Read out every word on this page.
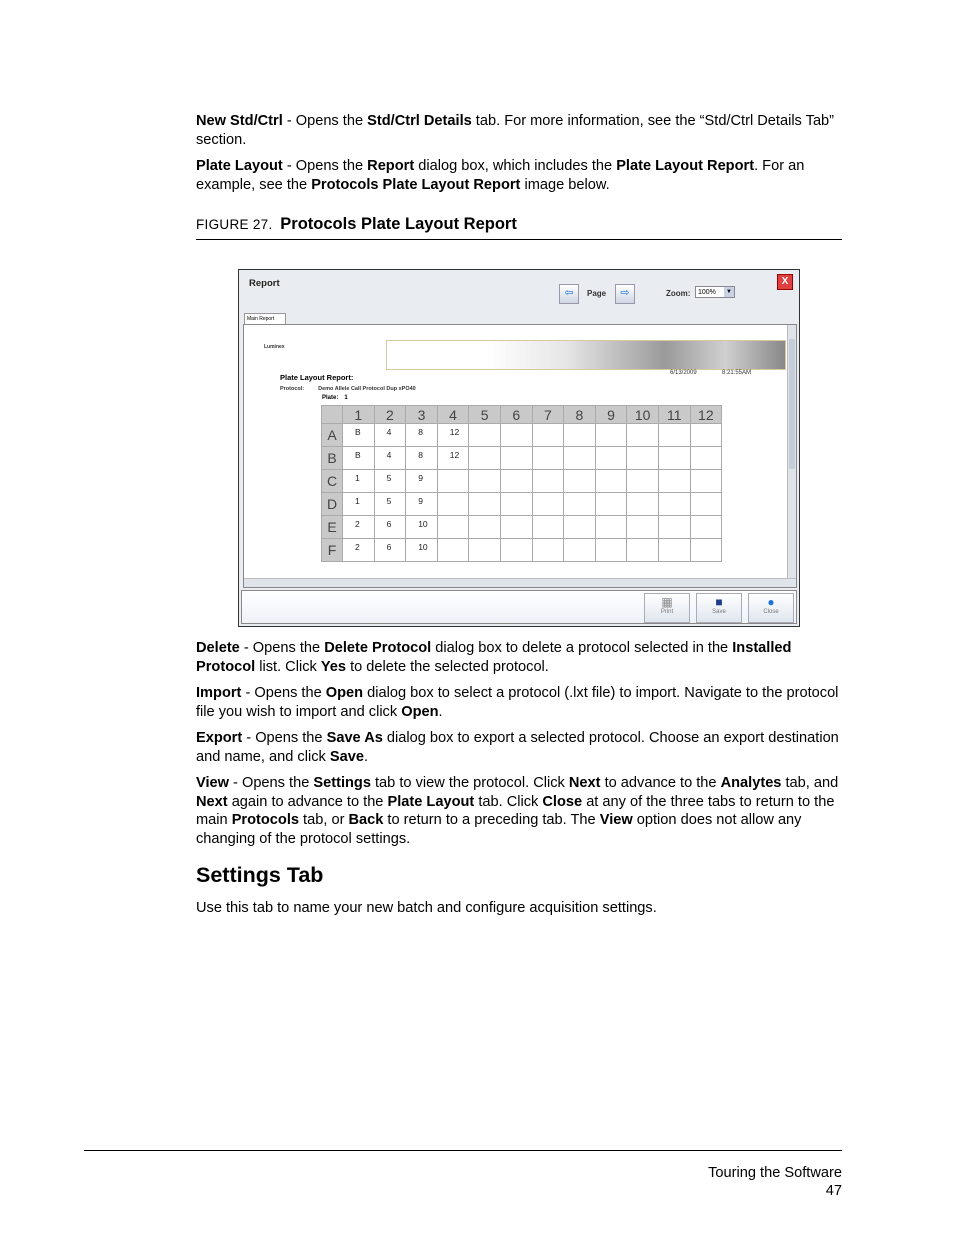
New Std/Ctrl - Opens the Std/Ctrl Details tab. For more information, see the “Std/Ctrl Details Tab” section.

Plate Layout - Opens the Report dialog box, which includes the Plate Layout Report. For an example, see the Protocols Plate Layout Report image below.

FIGURE 27. Protocols Plate Layout Report
Report	X
⇦	Page	⇨	Zoom:	100%	▼
Main Report
Luminex
Plate Layout Report:	6/13/2009	8:21:55AM
Protocol:	Demo Allele Call Protocol Dup xPO40
Plate: 1
	1	2	3	4	5	6	7	8	9	10	11	12
A	B	4	8	12								
B	B	4	8	12								
C	1	5	9									
D	1	5	9									
E	2	6	10									
F	2	6	10									
▦
Print
■
Save
●
Close

Delete - Opens the Delete Protocol dialog box to delete a protocol selected in the Installed Protocol list. Click Yes to delete the selected protocol.

Import - Opens the Open dialog box to select a protocol (.lxt file) to import. Navigate to the protocol file you wish to import and click Open.

Export - Opens the Save As dialog box to export a selected protocol. Choose an export destination and name, and click Save.

View - Opens the Settings tab to view the protocol. Click Next to advance to the Analytes tab, and Next again to advance to the Plate Layout tab. Click Close at any of the three tabs to return to the main Protocols tab, or Back to return to a preceding tab. The View option does not allow any changing of the protocol settings.

Settings Tab

Use this tab to name your new batch and configure acquisition settings.

Touring the Software
47
